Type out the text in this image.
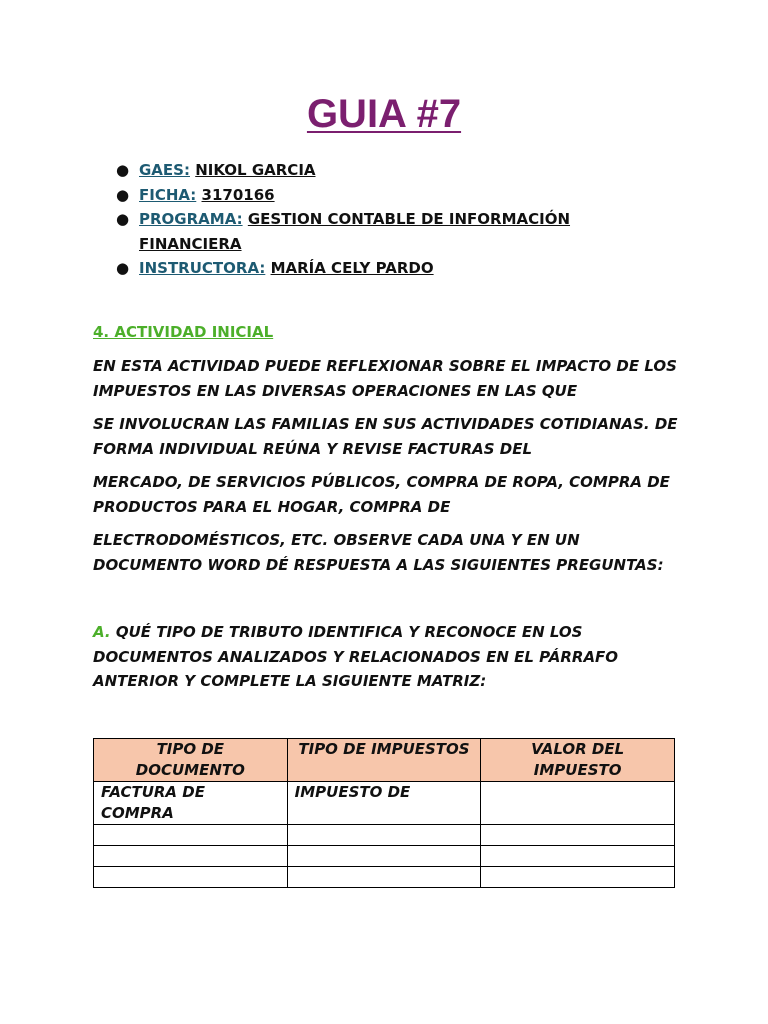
GUIA #7
● GAES: NIKOL GARCIA
● FICHA: 3170166
● PROGRAMA: GESTION CONTABLE DE INFORMACIÓN FINANCIERA
● INSTRUCTORA: MARÍA CELY PARDO
4. ACTIVIDAD INICIAL

EN ESTA ACTIVIDAD PUEDE REFLEXIONAR SOBRE EL IMPACTO DE LOS IMPUESTOS EN LAS DIVERSAS OPERACIONES EN LAS QUE

SE INVOLUCRAN LAS FAMILIAS EN SUS ACTIVIDADES COTIDIANAS. DE FORMA INDIVIDUAL REÚNA Y REVISE FACTURAS DEL

MERCADO, DE SERVICIOS PÚBLICOS, COMPRA DE ROPA, COMPRA DE PRODUCTOS PARA EL HOGAR, COMPRA DE

ELECTRODOMÉSTICOS, ETC. OBSERVE CADA UNA Y EN UN DOCUMENTO WORD DÉ RESPUESTA A LAS SIGUIENTES PREGUNTAS:

A. QUÉ TIPO DE TRIBUTO IDENTIFICA Y RECONOCE EN LOS DOCUMENTOS ANALIZADOS Y RELACIONADOS EN EL PÁRRAFO ANTERIOR Y COMPLETE LA SIGUIENTE MATRIZ:

TIPO DE DOCUMENTO	TIPO DE IMPUESTOS	VALOR DEL IMPUESTO
FACTURA DE COMPRA	IMPUESTO DE	
